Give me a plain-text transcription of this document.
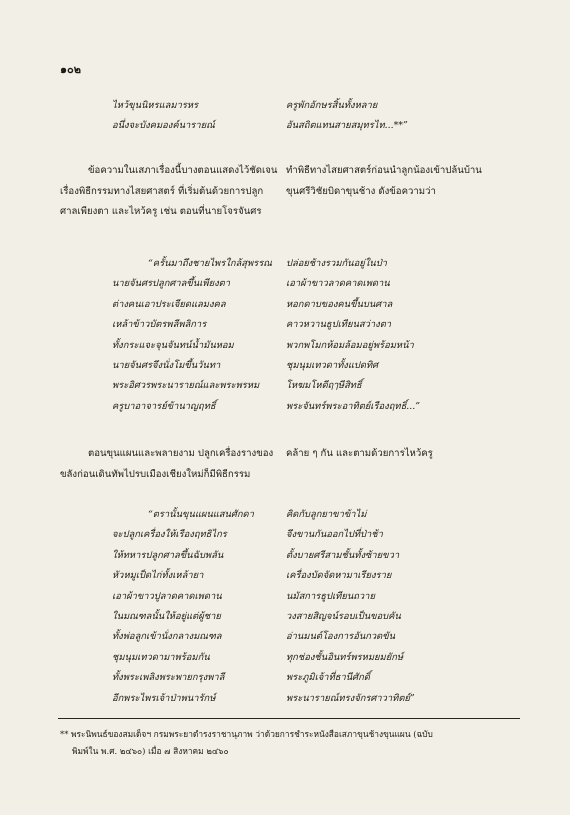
๑๐๒
ไหว้ขุนนิหรแลมารหร
อนึ่งจะบังคมองค์นารายณ์
ครูพักอักษรสิ้นทั้งหลาย
อันสถิตแทนสายสมุทรไท...**”
ข้อความในเสภาเรื่องนี้บางตอนแสดงไว้ชัดเจน
เรื่องพิธีกรรมทางไสยศาสตร์ ที่เริ่มต้นด้วยการปลูก
ศาลเพียงตา และไหว้ครู เช่น ตอนที่นายโจรจันศร
ทำพิธีทางไสยศาสตร์ก่อนนำลูกน้องเข้าปล้นบ้าน
ขุนศรีวิชัยบิดาขุนช้าง ดังข้อความว่า
“ครั้นมาถึงชายไพรใกล้สุพรรณ
นายจันศรปลูกศาลขึ้นเพียงตา
ต่างคนเอาประเจียดแลมงคล
เหล้าข้าวบัตรพลีพลิการ
ทั้งกระแจะจุนจันทน์น้ำมันหอม
นายจันศรจึงนั่งโมขึ้นวันทา
พระอิศวรพระนารายณ์และพระพรหม
ครูบาอาจารย์ข้านาญฤทธิ์
ปล่อยช้างรวมกันอยู่ในป่า
เอาผ้าขาวลาดคาดเพดาน
หอกดาบของคนขึ้นบนศาล
คาวหวานธูปเทียนสว่างตา
พวกพโมกห้อมล้อมอยู่พร้อมหน้า
ชุมนุมเทวดาทั้งแปดทิศ
โหฆมโหดีฤๅษีสิทธิ์
พระจันทร์พระอาทิตย์เรืองฤทธิ์...”
ตอนขุนแผนและพลายงาม ปลูกเครื่องรางของ
ขลังก่อนเดินทัพไปรบเมืองเชียงใหม่ก็มีพิธีกรรม
คล้าย ๆ กัน และตามด้วยการไหว้ครู
“ตรานั้นขุนแผนแสนศักดา
จะปลูกเครื่องให้เรืองฤทธิไกร
ให้ทหารปลูกศาลขึ้นฉับพลัน
หัวหมูเป็ดไก่ทั้งเหล้ายา
เอาผ้าขาวปูลาดคาดเพดาน
ในมณฑลนั้นให้อยู่แต่ผู้ชาย
ทั้งพ่อลูกเข้านั่งกลางมณฑล
ชุมนุมเทวดามาพร้อมกัน
ทั้งพระเพลิงพระพายกรุงพาลี
อีกพระไพรเจ้าป่าพนารักษ์
คิดกับลูกยาขาข้าไม่
จึงขานกันออกไปที่ป่าช้า
ตั้งบายศรีสามชั้นทั้งซ้ายขวา
เครื่องบัดจัดหามาเรียงราย
นมัสการธูปเทียนถวาย
วงสายสิญจน์รอบเป็นขอบคัน
อ่านมนต์โองการอันกวดขัน
ทุกช่องชั้นอินทร์พรหมยมยักษ์
พระภูมิเจ้าที่ธานีศักดิ์
พระนารายณ์ทรงจักรศาวาทิตย์”
** พระนิพนธ์ของสมเด็จฯ กรมพระยาดำรงราชานุภาพ ว่าด้วยการชำระหนังสือเสภาขุนช้างขุนแผน (ฉบับ
พิมพ์ใน พ.ศ. ๒๔๖๐) เมื่อ ๗ สิงหาคม ๒๔๖๐
